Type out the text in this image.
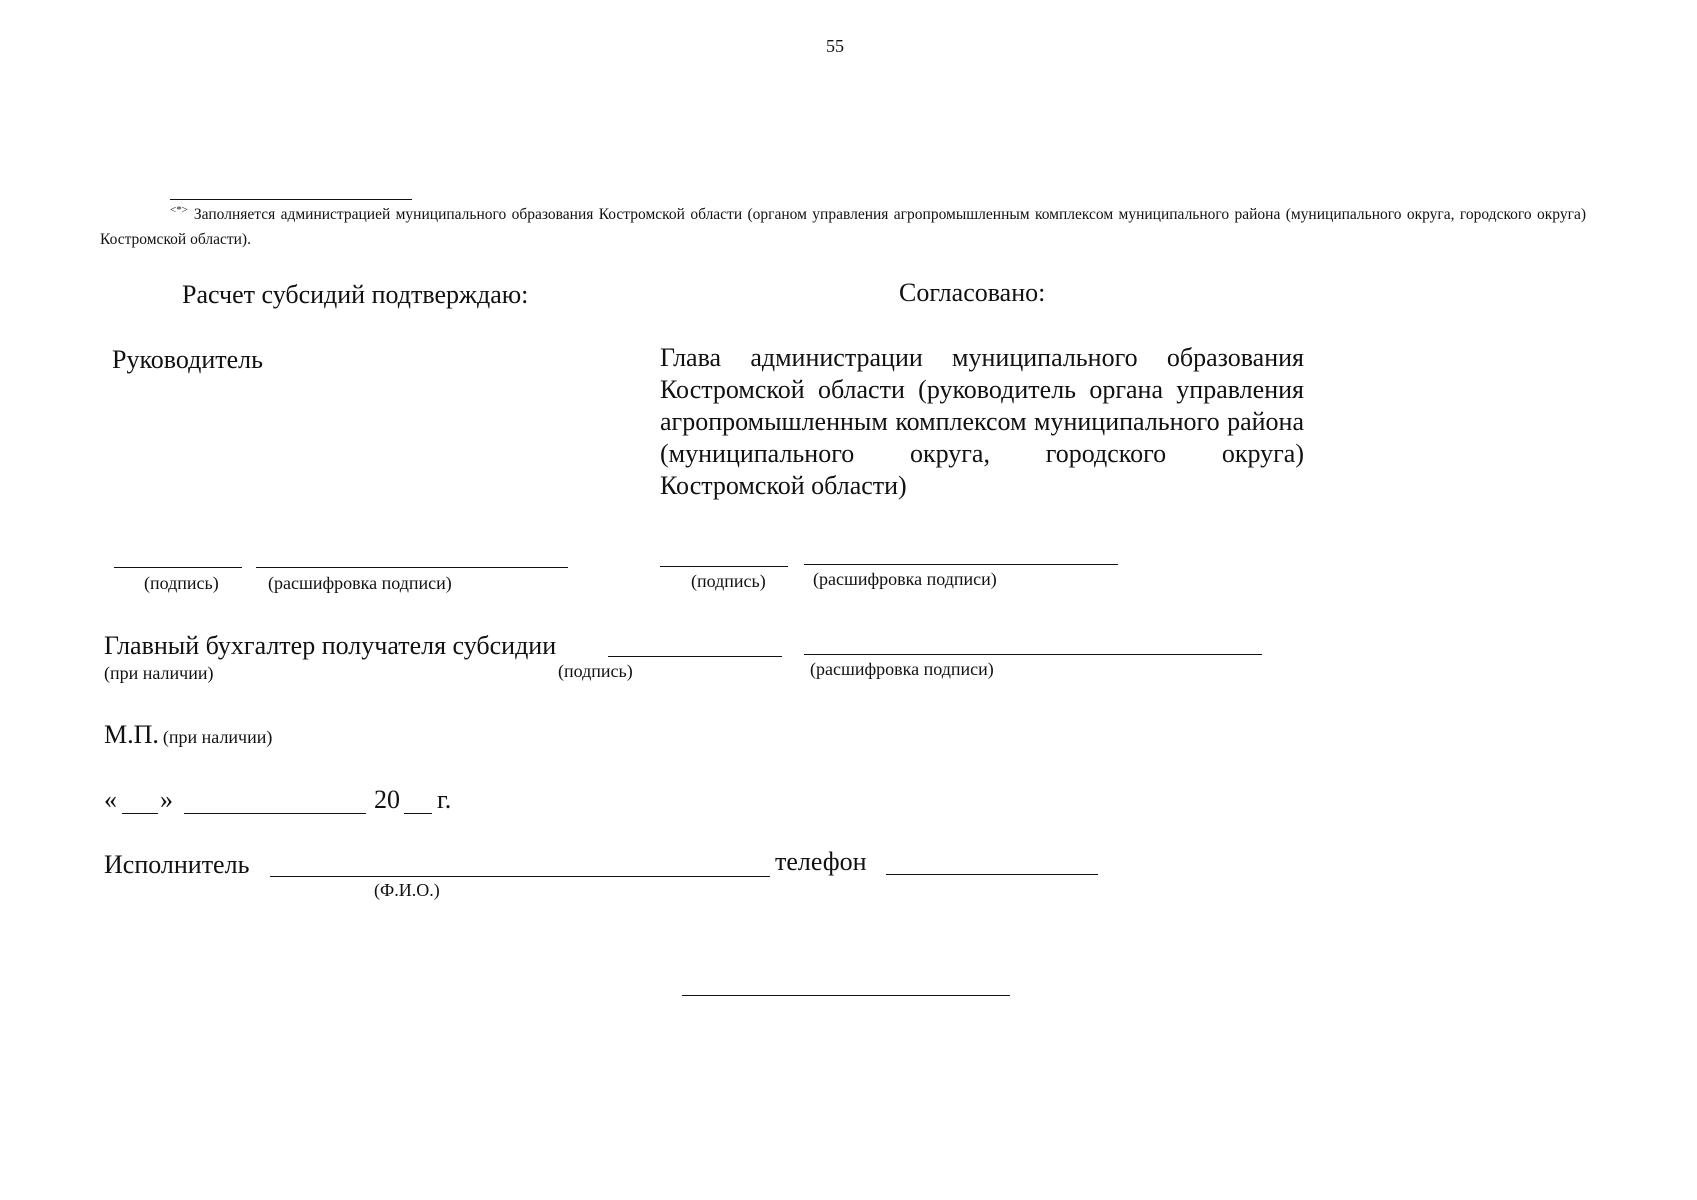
55
<*> Заполняется администрацией муниципального образования Костромской области (органом управления агропромышленным комплексом муниципального района (муниципального округа, городского округа) Костромской области).
Расчет субсидий подтверждаю:	Согласовано:
Руководитель	Глава администрации муниципального образования Костромской области (руководитель органа управления агропромышленным комплексом муниципального района (муниципального округа, городского округа) Костромской области)
(подпись)	(расшифровка подписи)	(подпись)	(расшифровка подписи)
Главный бухгалтер получателя субсидии
(при наличии)	(подпись)	(расшифровка подписи)
М.П. (при наличии)
« »	20 г.
Исполнитель
(Ф.И.О.)
телефон
